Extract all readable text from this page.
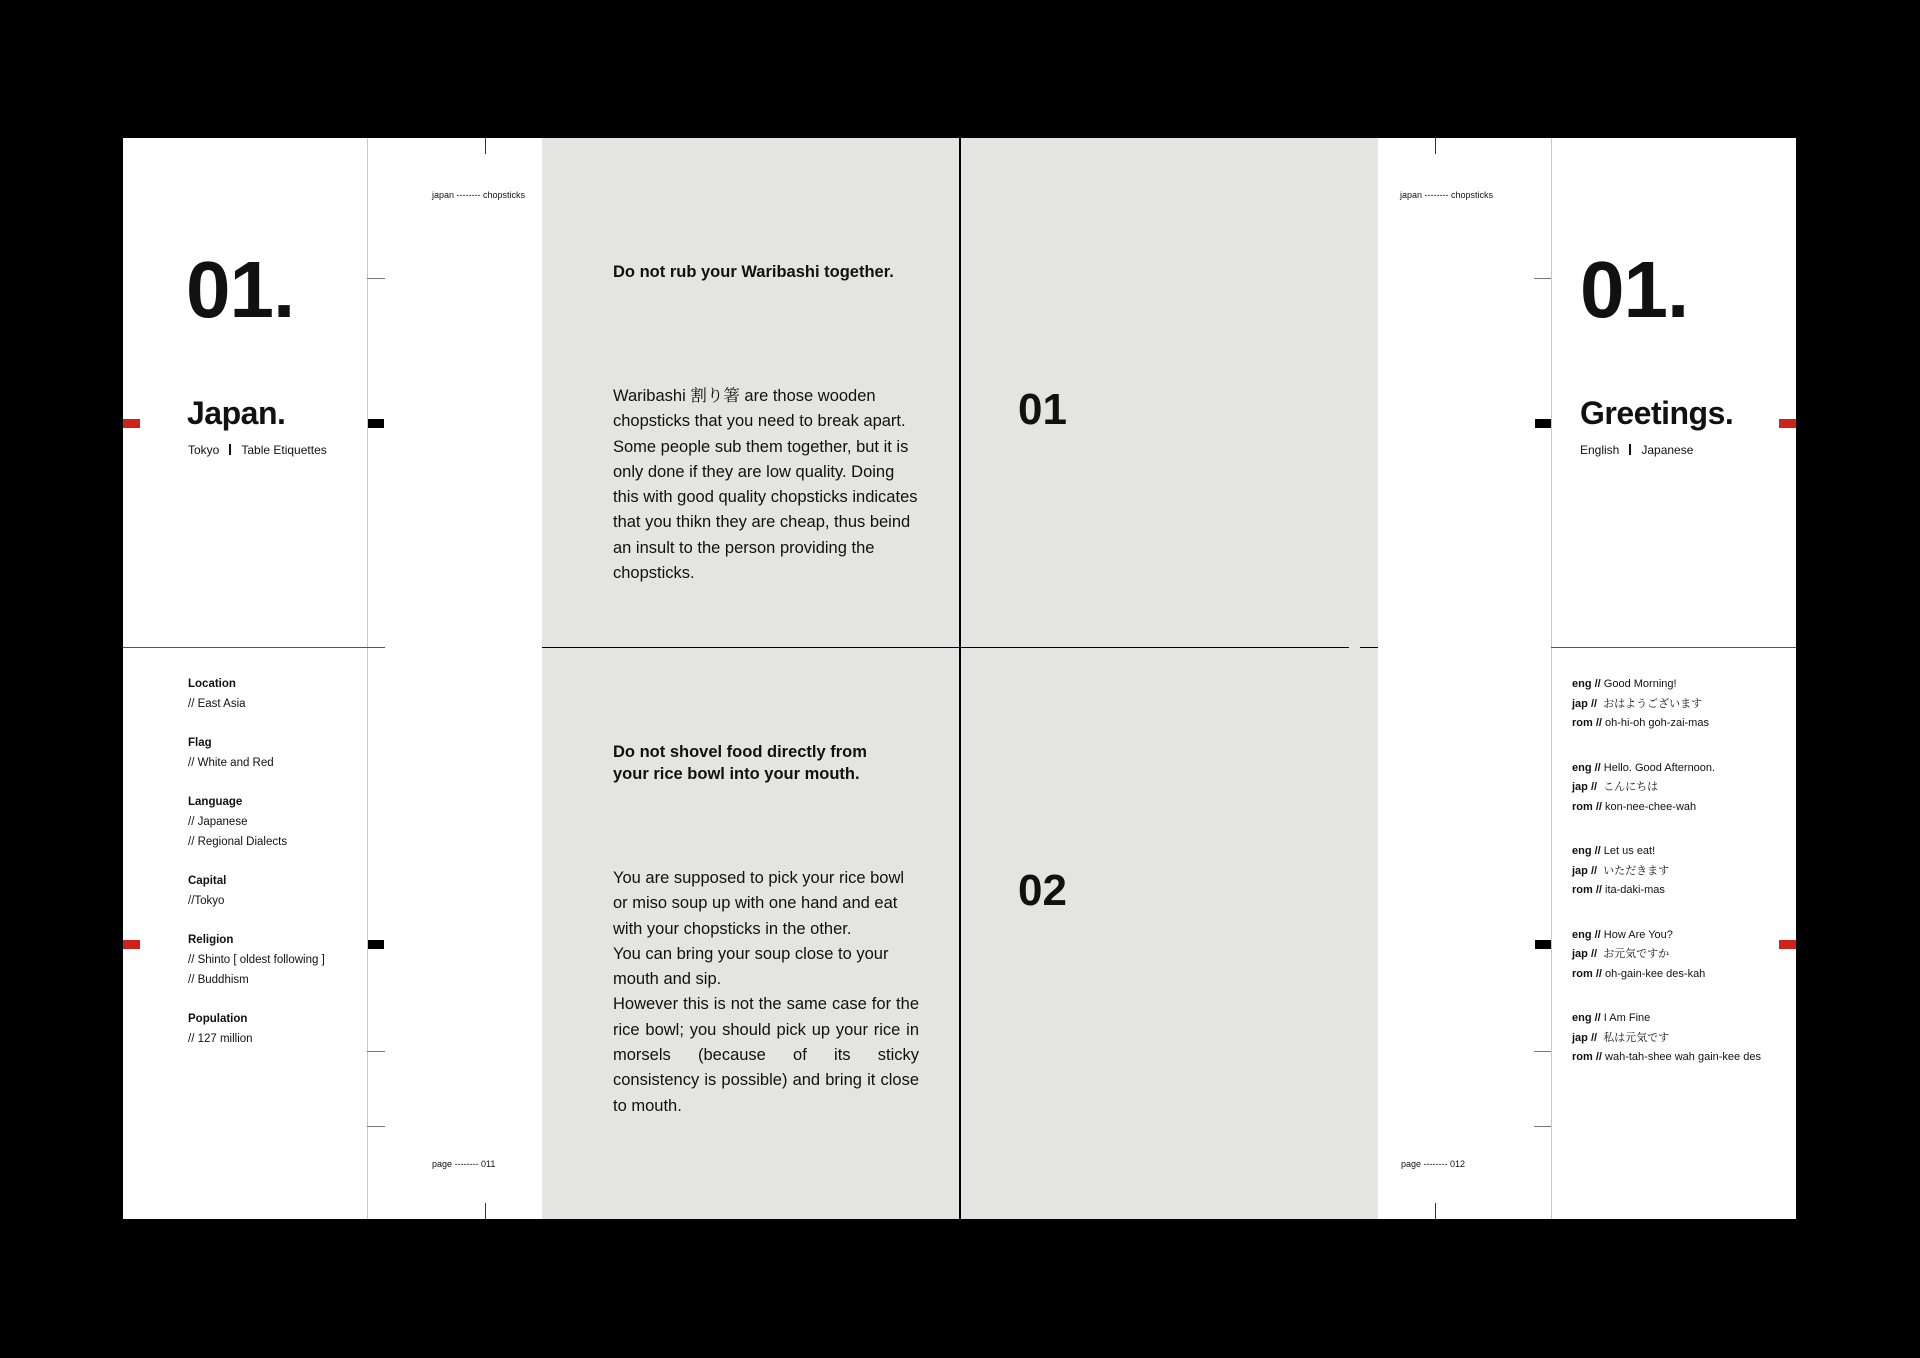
01.
Japan.
Tokyo Table Etiquettes
Location
// East Asia
Flag
// White and Red
Language
// Japanese
// Regional Dialects
Capital
//Tokyo
Religion
// Shinto [ oldest following ]
// Buddhism
Population
// 127 million
japan -------- chopsticks
page -------- 011
Do not rub your Waribashi together.

Waribashi 割り箸 are those wooden chopsticks that you need to break apart. Some people sub them together, but it is only done if they are low quality. Doing this with good quality chopsticks indicates that you thikn they are cheap, thus beind an insult to the person providing the chopsticks.

Do not shovel food directly from
your rice bowl into your mouth.

You are supposed to pick your rice bowl or miso soup up with one hand and eat with your chopsticks in the other.

You can bring your soup close to your mouth and sip.

However this is not the same case for the rice bowl; you should pick up your rice in morsels (because of its sticky consistency is possible) and bring it close to mouth.

01
02
japan -------- chopsticks
page -------- 012
01.
Greetings.
English Japanese
eng // Good Morning!
jap // おはようございます
rom // oh-hi-oh goh-zai-mas
eng // Hello. Good Afternoon.
jap // こんにちは
rom // kon-nee-chee-wah
eng // Let us eat!
jap // いただきます
rom // ita-daki-mas
eng // How Are You?
jap // お元気ですか
rom // oh-gain-kee des-kah
eng // I Am Fine
jap // 私は元気です
rom // wah-tah-shee wah gain-kee des
